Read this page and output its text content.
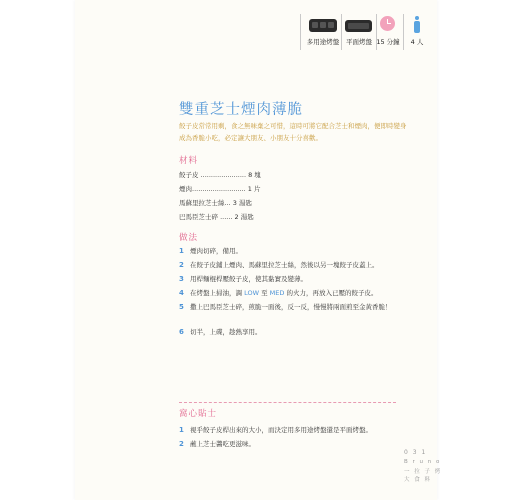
多用途烤盤	平面烤盤 15 分鐘	4 人
雙重芝士煙肉薄脆
餃子皮常常用剩，食之無味棄之可惜，這時可將它配合芝士和煙肉，便即時變身成為香脆小吃，必定讓大朋友、小朋友十分喜歡。
材料
餃子皮 ...................... 8 塊
煙肉.......................... 1 片
馬蘇里拉芝士絲... 3 湯匙
巴馬臣芝士碎 ...... 2 湯匙
做法
1 煙肉切碎，備用。
2 在餃子皮鋪上煙肉、馬蘇里拉芝士絲，然後以另一塊餃子皮蓋上。
3 用桿麵棍桿壓餃子皮，使其黏實及變薄。
4 在烤盤上掃油，調 LOW 至 MED 的火力，再放入已壓的餃子皮。
5 撒上巴馬臣芝士碎，煎脆一面後，反一反，慢慢將兩面煎至金黃香脆！
6 切半，上碟，趁熱享用。
窩心貼士
1 視乎餃子皮桿出來的大小，而決定用多用途烤盤還是平面烤盤。
2 蘸上芝士醬吃更滋味。
0 3 1
B r u n o
一 拉 子 烤
大 食 料
